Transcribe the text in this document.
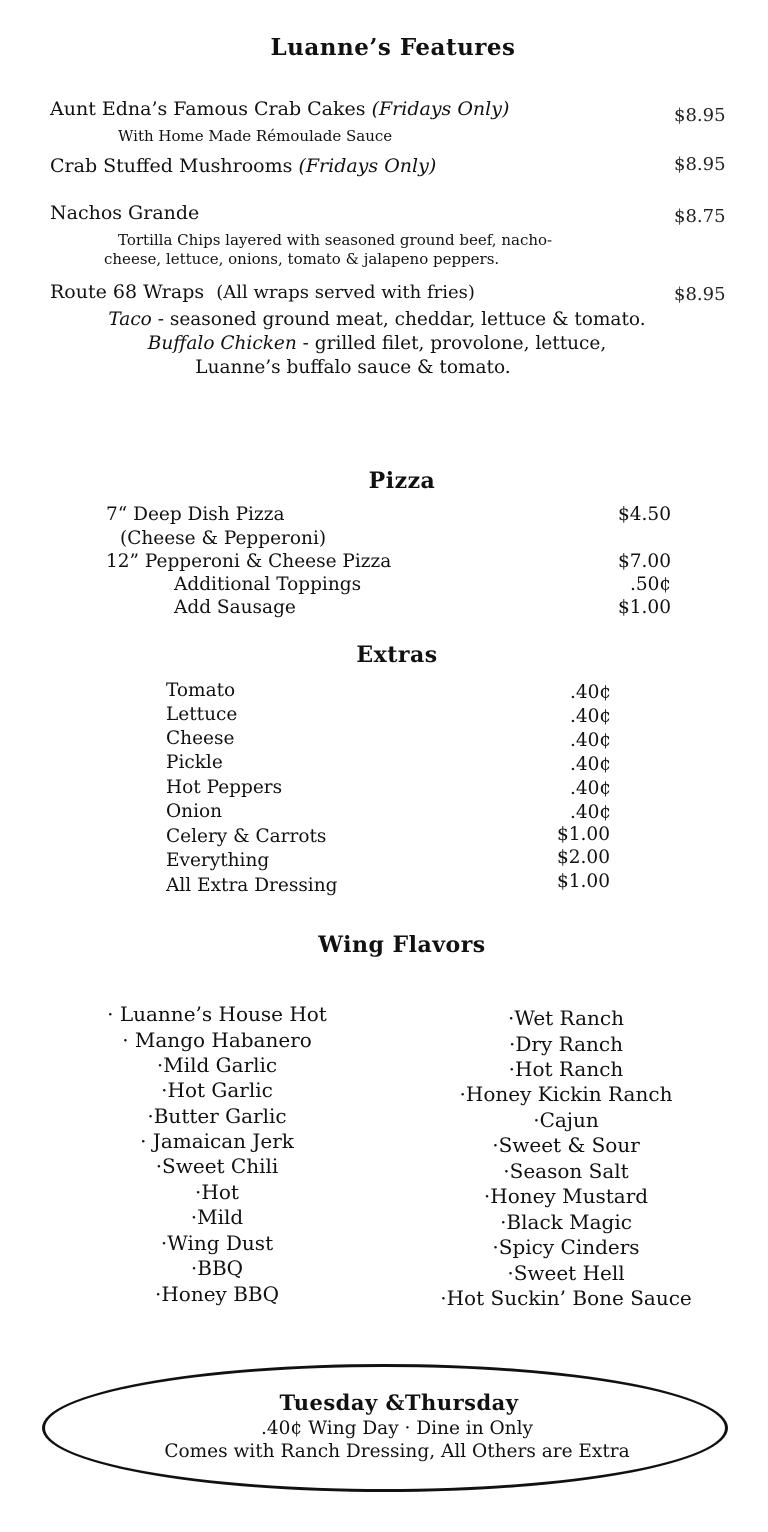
Luanne’s Features
Aunt Edna’s Famous Crab Cakes (Fridays Only)	$8.95
With Home Made Rémoulade Sauce
Crab Stuffed Mushrooms (Fridays Only)	$8.95
Nachos Grande	$8.75
Tortilla Chips layered with seasoned ground beef, nacho-
cheese, lettuce, onions, tomato & jalapeno peppers.
Route 68 Wraps (All wraps served with fries)	$8.95
Taco - seasoned ground meat, cheddar, lettuce & tomato.
Buffalo Chicken - grilled filet, provolone, lettuce,
Luanne’s buffalo sauce & tomato.
Pizza
7“ Deep Dish Pizza	$4.50
(Cheese & Pepperoni)
12” Pepperoni & Cheese Pizza	$7.00
Additional Toppings	.50¢
Add Sausage	$1.00
Extras
Tomato	.40¢
Lettuce	.40¢
Cheese	.40¢
Pickle	.40¢
Hot Peppers	.40¢
Onion	.40¢
Celery & Carrots	$1.00
Everything	$2.00
All Extra Dressing	$1.00
Wing Flavors
· Luanne’s House Hot
· Mango Habanero
·Mild Garlic
·Hot Garlic
·Butter Garlic
· Jamaican Jerk
·Sweet Chili
·Hot
·Mild
·Wing Dust
·BBQ
·Honey BBQ
·Wet Ranch
·Dry Ranch
·Hot Ranch
·Honey Kickin Ranch
·Cajun
·Sweet & Sour
·Season Salt
·Honey Mustard
·Black Magic
·Spicy Cinders
·Sweet Hell
·Hot Suckin’ Bone Sauce
Tuesday &Thursday
.40¢ Wing Day · Dine in Only
Comes with Ranch Dressing, All Others are Extra
